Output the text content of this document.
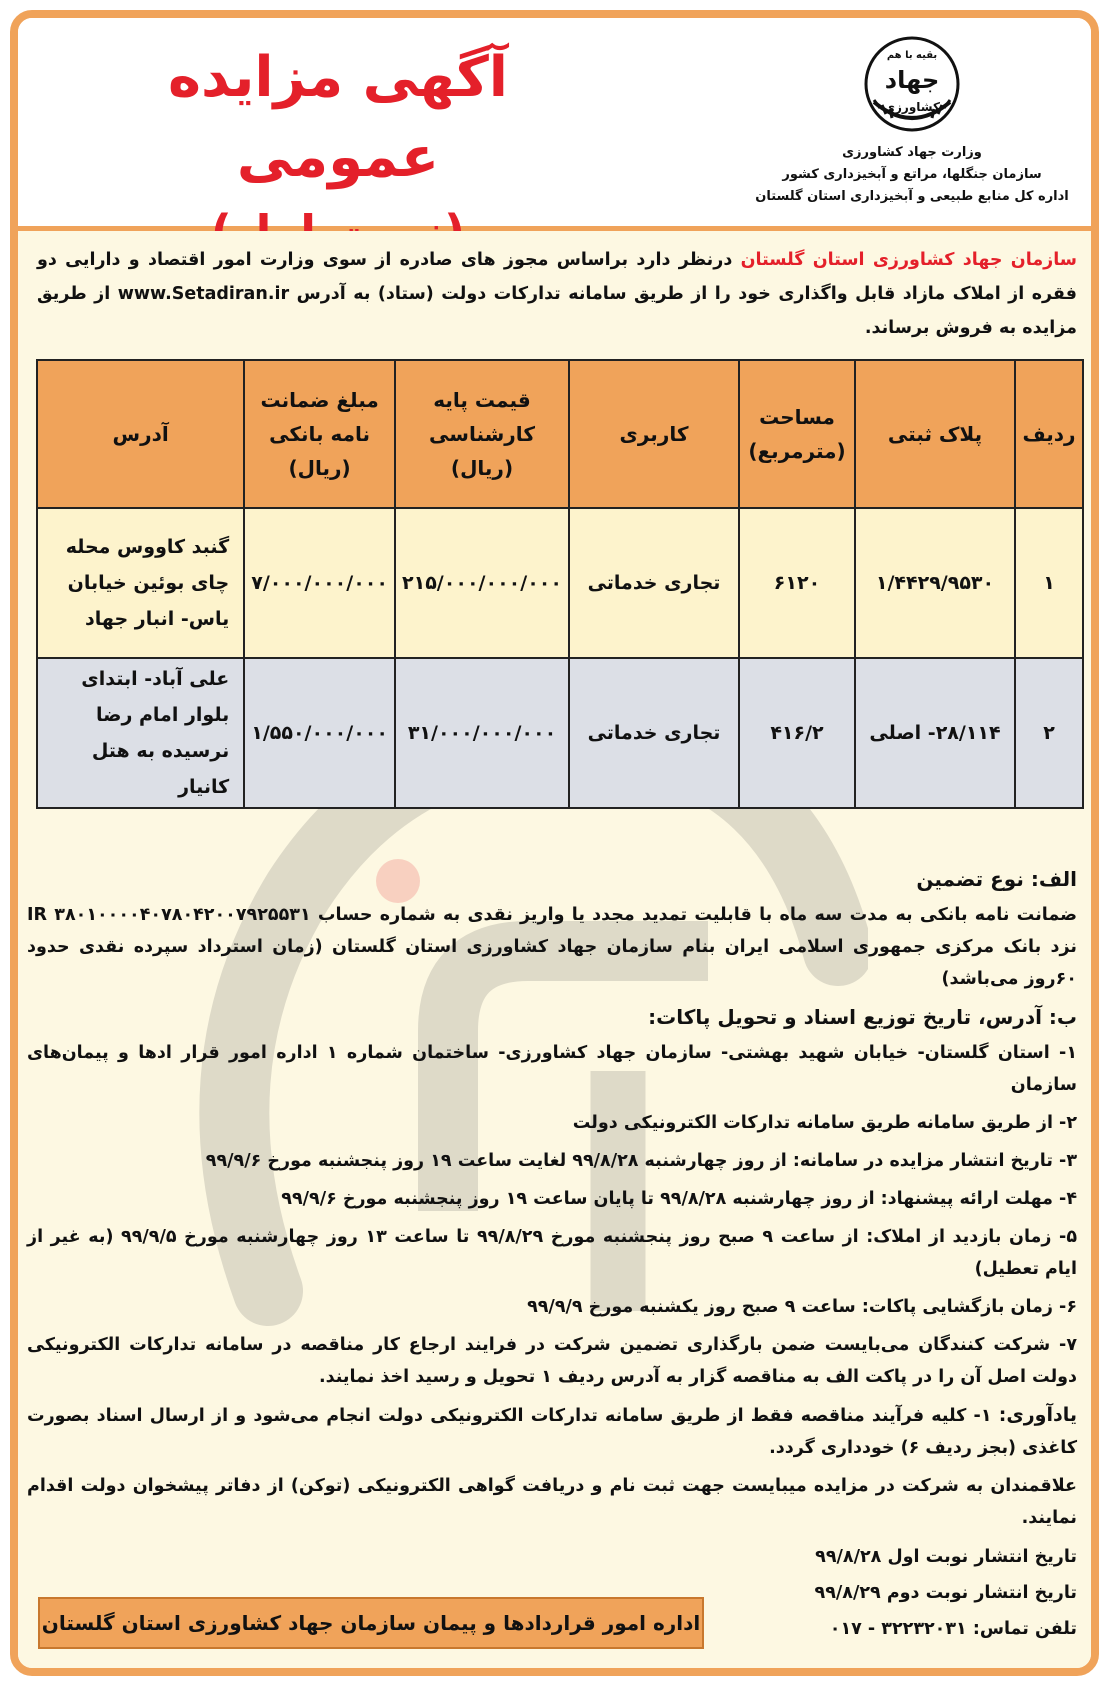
بقیه با هم
جهاد
کشاورزی
وزارت جهاد کشاورزی
سازمان جنگلها، مراتع و آبخیزداری کشور
اداره کل منابع طبیعی و آبخیزداری استان گلستان
آگهی مزایده عمومی
سازمان جهاد کشاورزی استان گلستان درنظر دارد براساس مجوز های صادره از سوی وزارت امور اقتصاد و دارایی دو فقره از املاک مازاد قابل واگذاری خود را از طریق سامانه تدارکات دولت (ستاد) به آدرس www.Setadiran.ir از طریق مزایده به فروش برساند.
ردیف	پلاک ثبتی	مساحت (مترمربع)	کاربری	قیمت پایه کارشناسی (ریال)	مبلغ ضمانت نامه بانکی (ریال)	آدرس
۱	۱/۴۴۲۹/۹۵۳۰	۶۱۲۰	تجاری خدماتی	۲۱۵/۰۰۰/۰۰۰/۰۰۰	۷/۰۰۰/۰۰۰/۰۰۰	گنبد کاووس محله چای بوئین خیابان یاس- انبار جهاد
۲	۲۸/۱۱۴- اصلی	۴۱۶/۲	تجاری خدماتی	۳۱/۰۰۰/۰۰۰/۰۰۰	۱/۵۵۰/۰۰۰/۰۰۰	علی آباد- ابتدای بلوار امام رضا نرسیده به هتل کانیار

الف: نوع تضمین

ضمانت نامه بانکی به مدت سه ماه با قابلیت تمدید مجدد یا واریز نقدی به شماره حساب IR ۳۸۰۱۰۰۰۰۴۰۷۸۰۴۲۰۰۷۹۲۵۵۳۱ نزد بانک مرکزی جمهوری اسلامی ایران بنام سازمان جهاد کشاورزی استان گلستان (زمان استرداد سپرده نقدی حدود ۶۰روز می‌باشد)

ب: آدرس، تاریخ توزیع اسناد و تحویل پاکات:

۱- استان گلستان- خیابان شهید بهشتی- سازمان جهاد کشاورزی- ساختمان شماره ۱ اداره امور قرار ادها و پیمان‌های سازمان

۲- از طریق سامانه طریق سامانه تدارکات الکترونیکی دولت

۳- تاریخ انتشار مزایده در سامانه: از روز چهارشنبه ۹۹/۸/۲۸ لغایت ساعت ۱۹ روز پنجشنبه مورخ ۹۹/۹/۶

۴- مهلت ارائه پیشنهاد: از روز چهارشنبه ۹۹/۸/۲۸ تا پایان ساعت ۱۹ روز پنجشنبه مورخ ۹۹/۹/۶

۵- زمان بازدید از املاک: از ساعت ۹ صبح روز پنجشنبه مورخ ۹۹/۸/۲۹ تا ساعت ۱۳ روز چهارشنبه مورخ ۹۹/۹/۵ (به غیر از ایام تعطیل)

۶- زمان بازگشایی پاکات: ساعت ۹ صبح روز یکشنبه مورخ ۹۹/۹/۹

۷- شرکت کنندگان می‌بایست ضمن بارگذاری تضمین شرکت در فرایند ارجاع کار مناقصه در سامانه تدارکات الکترونیکی دولت اصل آن را در پاکت الف به مناقصه گزار به آدرس ردیف ۱ تحویل و رسید اخذ نمایند.

یادآوری: ۱- کلیه فرآیند مناقصه فقط از طریق سامانه تدارکات الکترونیکی دولت انجام می‌شود و از ارسال اسناد بصورت کاغذی (بجز ردیف ۶) خودداری گردد.

علاقمندان به شرکت در مزایده میبایست جهت ثبت نام و دریافت گواهی الکترونیکی (توکن) از دفاتر پیشخوان دولت اقدام نمایند.

تاریخ انتشار نوبت اول ۹۹/۸/۲۸
تاریخ انتشار نوبت دوم ۹۹/۸/۲۹
تلفن تماس: ۳۲۲۳۲۰۳۱ - ۰۱۷
اداره امور قراردادها و پیمان سازمان جهاد کشاورزی استان گلستان
